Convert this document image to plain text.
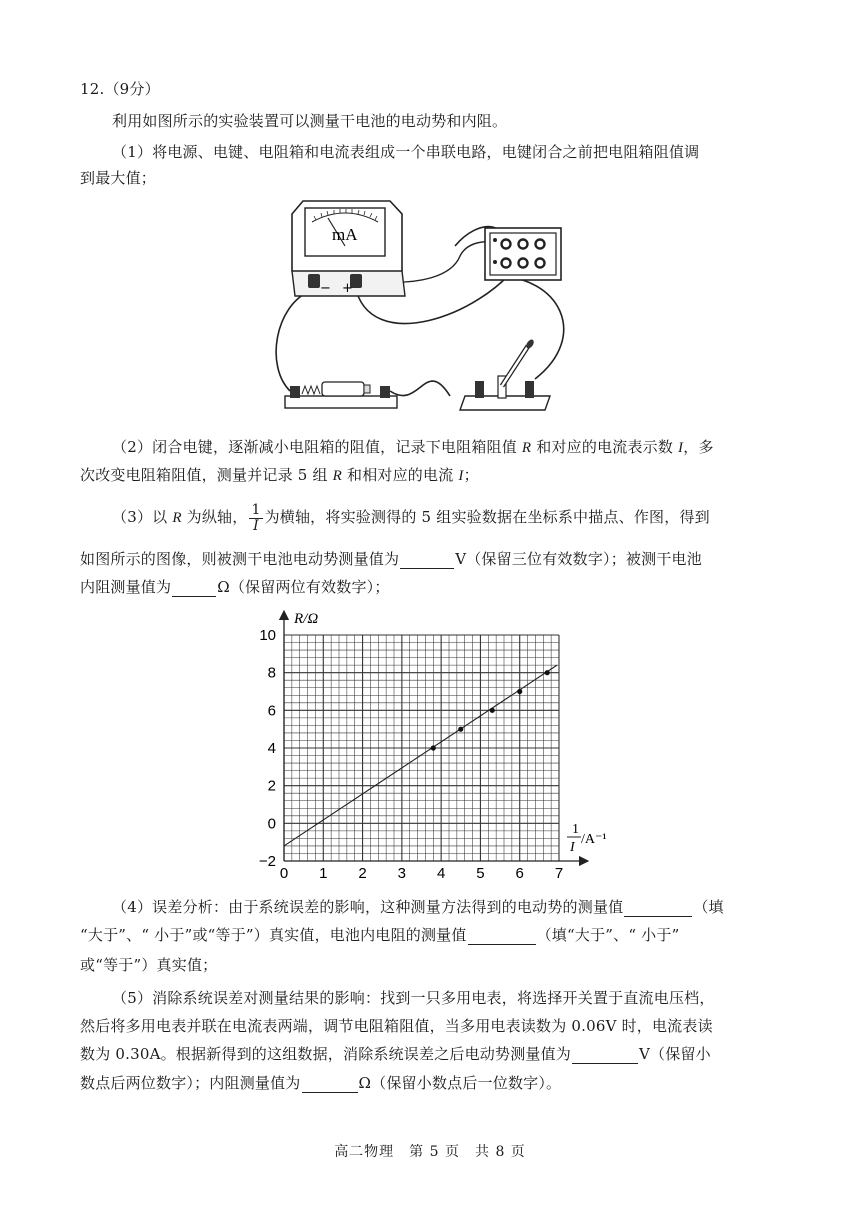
12.（9分）
利用如图所示的实验装置可以测量干电池的电动势和内阻。
（1）将电源、电键、电阻箱和电流表组成一个串联电路，电键闭合之前把电阻箱阻值调
到最大值；
mA
− +
（2）闭合电键，逐渐减小电阻箱的阻值，记录下电阻箱阻值 R 和对应的电流表示数 I，多
次改变电阻箱阻值，测量并记录 5 组 R 和相对应的电流 I；
（3）以 R 为纵轴， $\frac{1}{I}$ 为横轴，将实验测得的 5 组实验数据在坐标系中描点、作图，得到
如图所示的图像，则被测干电池电动势测量值为	V（保留三位有效数字）；被测干电池
内阻测量值为	Ω（保留两位有效数字）；
−2
0
2
4
6
8
10
0 1 2 3 4 5 6 7
R/Ω
1
I
/A⁻¹
（4）误差分析：由于系统误差的影响，这种测量方法得到的电动势的测量值	（填
“大于”、“ 小于”或“等于”）真实值，电池内电阻的测量值	（填“大于”、“ 小于”
或“等于”）真实值；
（5）消除系统误差对测量结果的影响：找到一只多用电表，将选择开关置于直流电压档，
然后将多用电表并联在电流表两端，调节电阻箱阻值，当多用电表读数为 0.06V 时，电流表读
数为 0.30A。根据新得到的这组数据，消除系统误差之后电动势测量值为	V（保留小
数点后两位数字）；内阻测量值为	Ω（保留小数点后一位数字）。
高二物理　第 5 页　共 8 页
